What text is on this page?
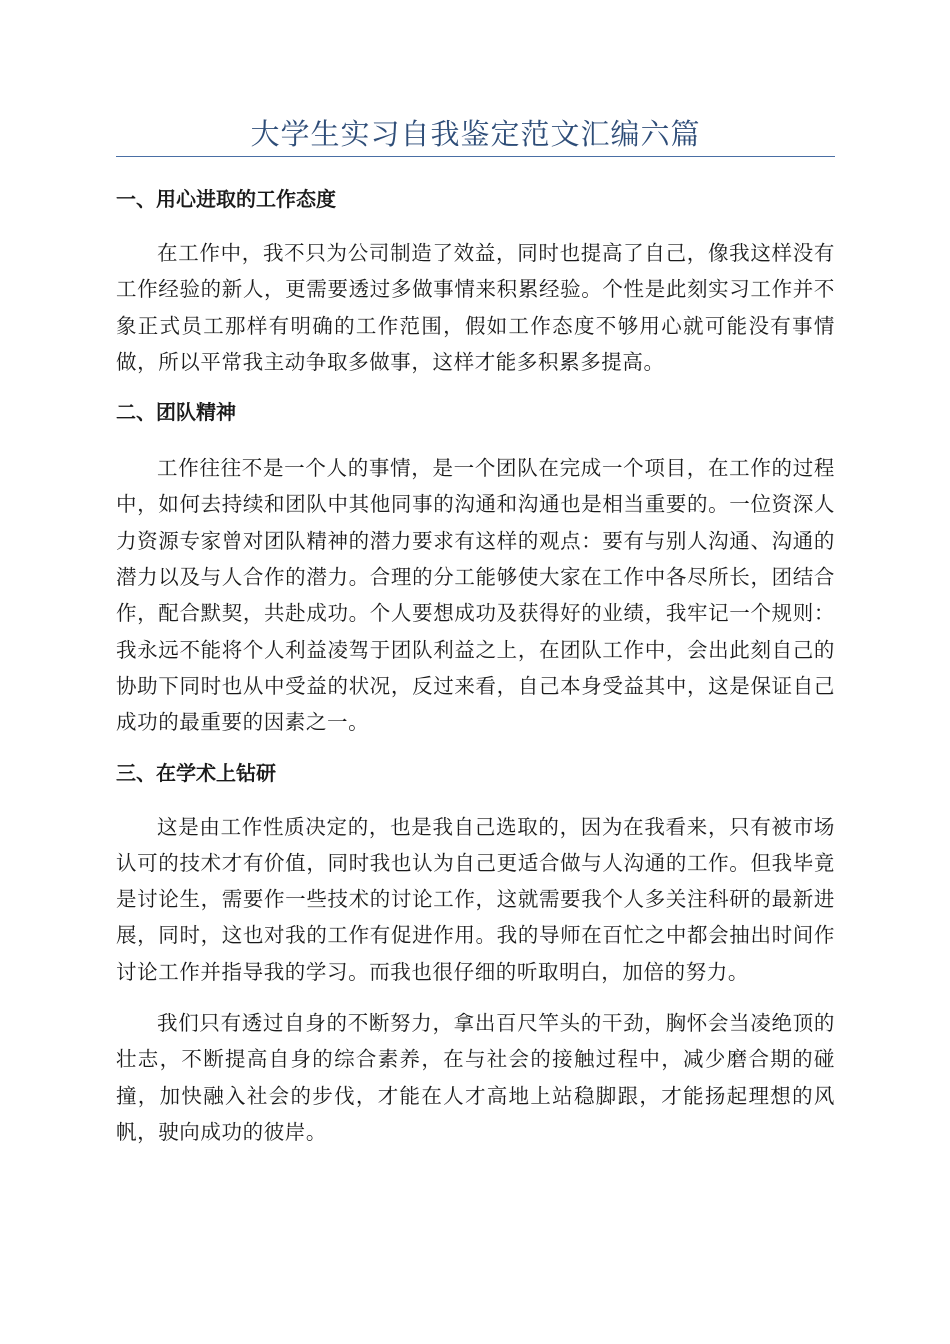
大学生实习自我鉴定范文汇编六篇
一、用心进取的工作态度

在工作中，我不只为公司制造了效益，同时也提高了自己，像我这样没有工作经验的新人，更需要透过多做事情来积累经验。个性是此刻实习工作并不象正式员工那样有明确的工作范围，假如工作态度不够用心就可能没有事情做，所以平常我主动争取多做事，这样才能多积累多提高。

二、团队精神

工作往往不是一个人的事情，是一个团队在完成一个项目，在工作的过程中，如何去持续和团队中其他同事的沟通和沟通也是相当重要的。一位资深人力资源专家曾对团队精神的潜力要求有这样的观点：要有与别人沟通、沟通的潜力以及与人合作的潜力。合理的分工能够使大家在工作中各尽所长，团结合作，配合默契，共赴成功。个人要想成功及获得好的业绩，我牢记一个规则：我永远不能将个人利益凌驾于团队利益之上，在团队工作中，会出此刻自己的协助下同时也从中受益的状况，反过来看，自己本身受益其中，这是保证自己成功的最重要的因素之一。

三、在学术上钻研

这是由工作性质决定的，也是我自己选取的，因为在我看来，只有被市场认可的技术才有价值，同时我也认为自己更适合做与人沟通的工作。但我毕竟是讨论生，需要作一些技术的讨论工作，这就需要我个人多关注科研的最新进展，同时，这也对我的工作有促进作用。我的导师在百忙之中都会抽出时间作讨论工作并指导我的学习。而我也很仔细的听取明白，加倍的努力。

我们只有透过自身的不断努力，拿出百尺竿头的干劲，胸怀会当凌绝顶的壮志，不断提高自身的综合素养，在与社会的接触过程中，减少磨合期的碰撞，加快融入社会的步伐，才能在人才高地上站稳脚跟，才能扬起理想的风帆，驶向成功的彼岸。
